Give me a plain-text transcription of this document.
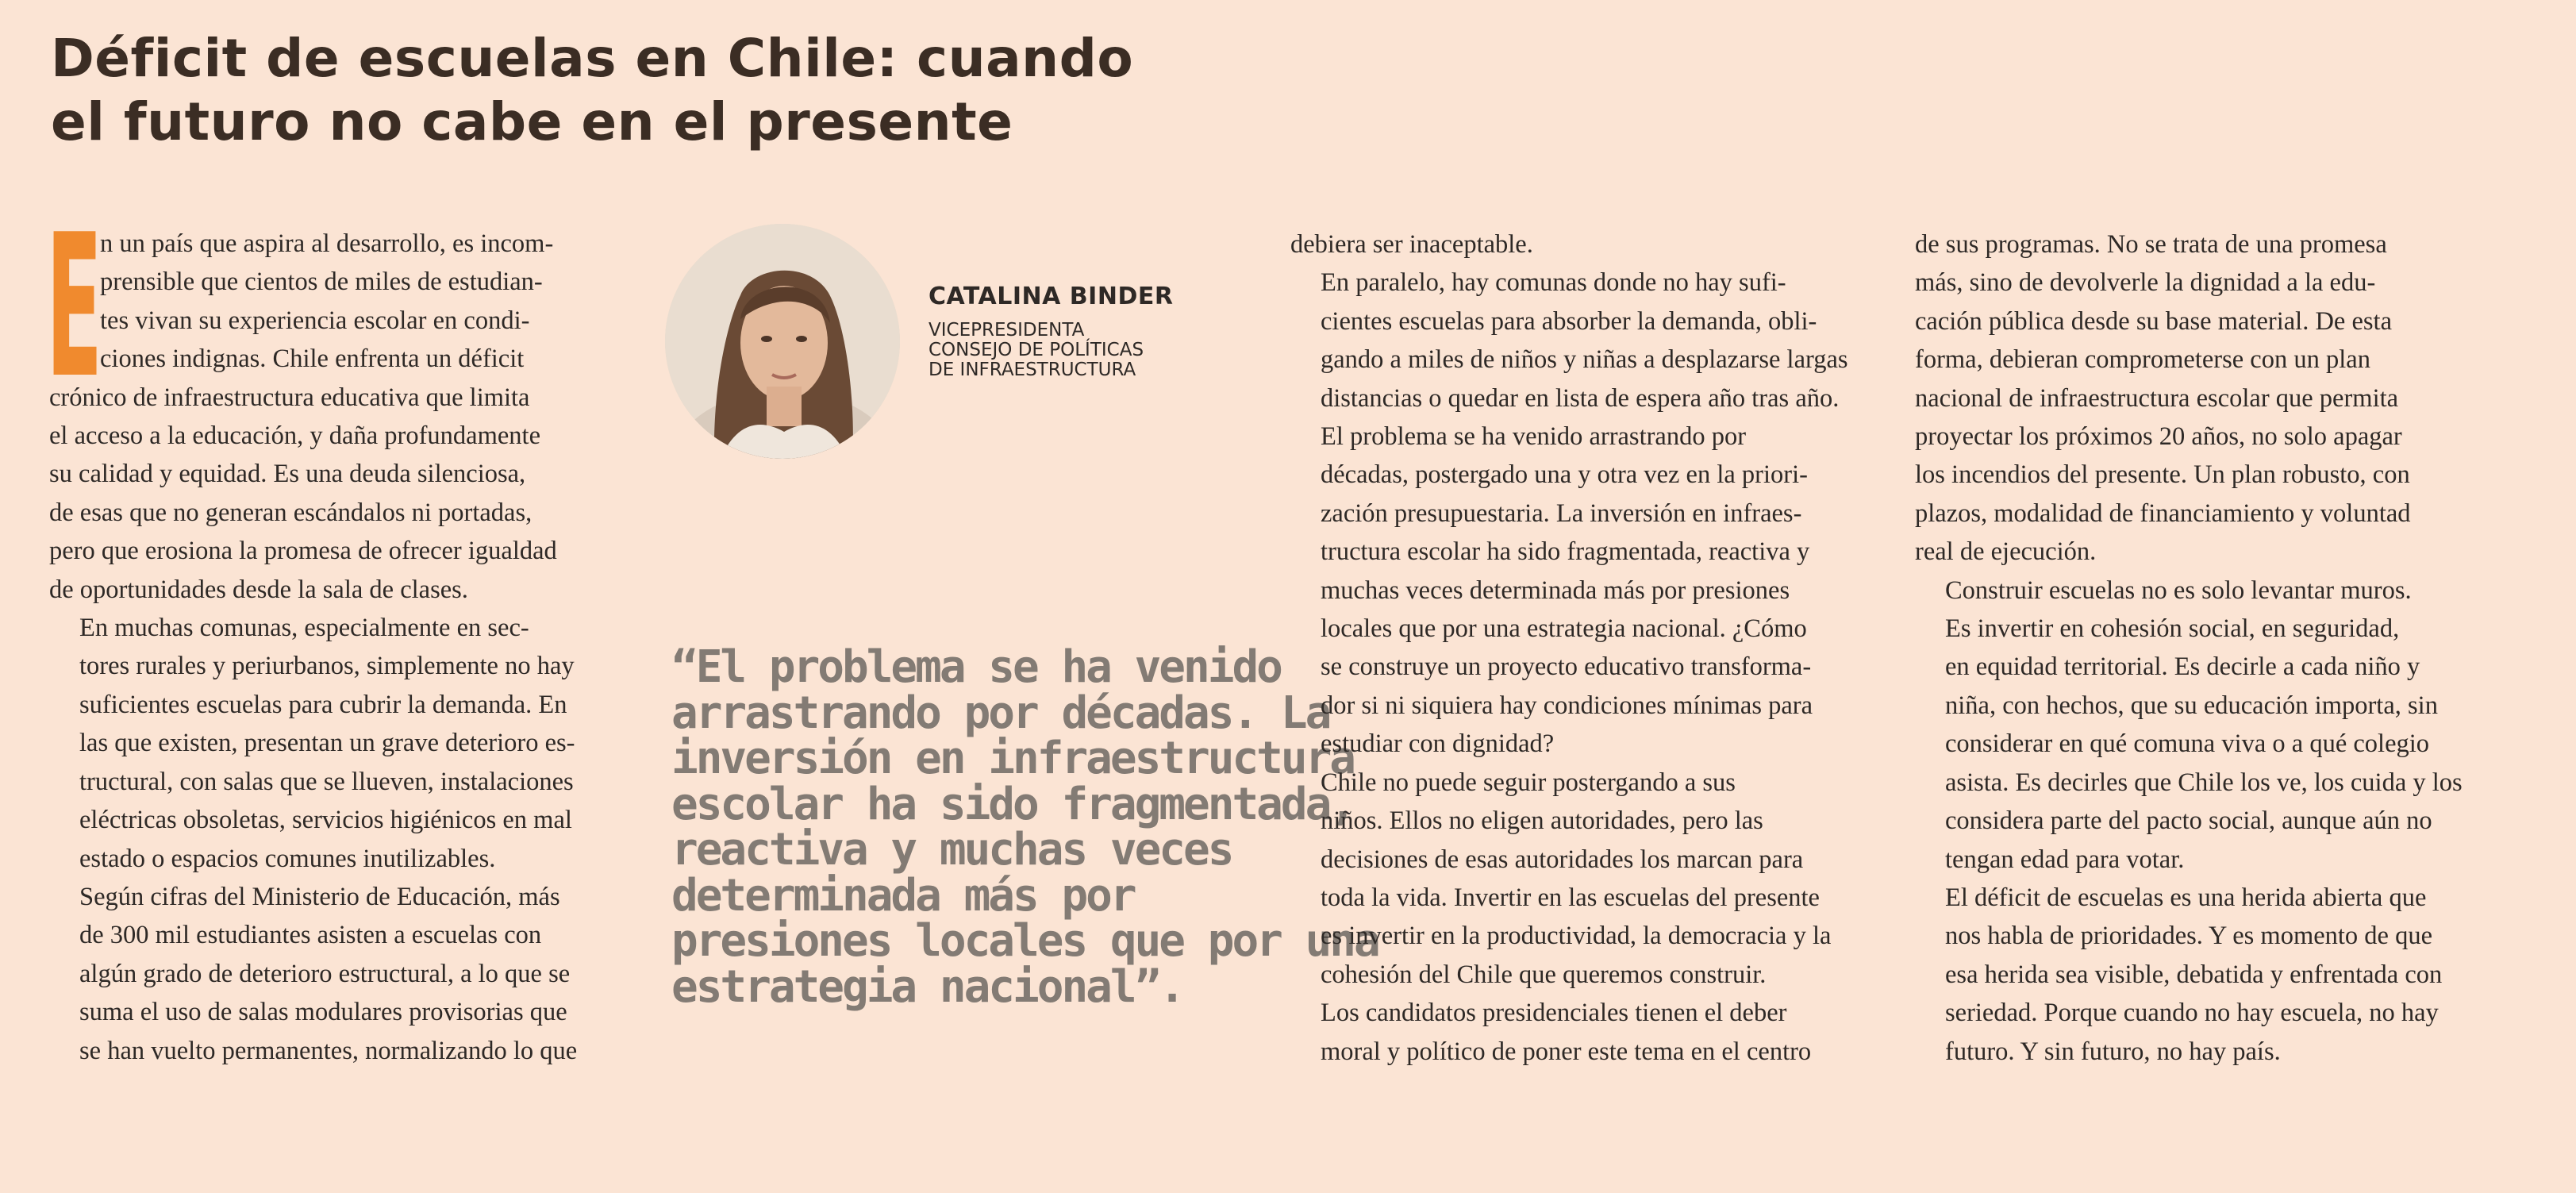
Déficit de escuelas en Chile: cuando
el futuro no cabe en el presente
E

n un país que aspira al desarrollo, es incom-
prensible que cientos de miles de estudian-
tes vivan su experiencia escolar en condi-
ciones indignas. Chile enfrenta un déficit
crónico de infraestructura educativa que limita
el acceso a la educación, y daña profundamente
su calidad y equidad. Es una deuda silenciosa,
de esas que no generan escándalos ni portadas,
pero que erosiona la promesa de ofrecer igualdad
de oportunidades desde la sala de clases.

En muchas comunas, especialmente en sec-
tores rurales y periurbanos, simplemente no hay
suficientes escuelas para cubrir la demanda. En
las que existen, presentan un grave deterioro es-
tructural, con salas que se llueven, instalaciones
eléctricas obsoletas, servicios higiénicos en mal
estado o espacios comunes inutilizables.

Según cifras del Ministerio de Educación, más
de 300 mil estudiantes asisten a escuelas con
algún grado de deterioro estructural, a lo que se
suma el uso de salas modulares provisorias que
se han vuelto permanentes, normalizando lo que

CATALINA BINDER

VICEPRESIDENTA
CONSEJO DE POLÍTICAS
DE INFRAESTRUCTURA
“El problema se ha venido
arrastrando por décadas. La
inversión en infraestructura
escolar ha sido fragmentada,
reactiva y muchas veces
determinada más por
presiones locales que por una
estrategia nacional”.

debiera ser inaceptable.

En paralelo, hay comunas donde no hay sufi-
cientes escuelas para absorber la demanda, obli-
gando a miles de niños y niñas a desplazarse largas
distancias o quedar en lista de espera año tras año.

El problema se ha venido arrastrando por
décadas, postergado una y otra vez en la priori-
zación presupuestaria. La inversión en infraes-
tructura escolar ha sido fragmentada, reactiva y
muchas veces determinada más por presiones
locales que por una estrategia nacional. ¿Cómo
se construye un proyecto educativo transforma-
dor si ni siquiera hay condiciones mínimas para
estudiar con dignidad?

Chile no puede seguir postergando a sus
niños. Ellos no eligen autoridades, pero las
decisiones de esas autoridades los marcan para
toda la vida. Invertir en las escuelas del presente
es invertir en la productividad, la democracia y la
cohesión del Chile que queremos construir.

Los candidatos presidenciales tienen el deber
moral y político de poner este tema en el centro

de sus programas. No se trata de una promesa
más, sino de devolverle la dignidad a la edu-
cación pública desde su base material. De esta
forma, debieran comprometerse con un plan
nacional de infraestructura escolar que permita
proyectar los próximos 20 años, no solo apagar
los incendios del presente. Un plan robusto, con
plazos, modalidad de financiamiento y voluntad
real de ejecución.

Construir escuelas no es solo levantar muros.
Es invertir en cohesión social, en seguridad,
en equidad territorial. Es decirle a cada niño y
niña, con hechos, que su educación importa, sin
considerar en qué comuna viva o a qué colegio
asista. Es decirles que Chile los ve, los cuida y los
considera parte del pacto social, aunque aún no
tengan edad para votar.

El déficit de escuelas es una herida abierta que
nos habla de prioridades. Y es momento de que
esa herida sea visible, debatida y enfrentada con
seriedad. Porque cuando no hay escuela, no hay
futuro. Y sin futuro, no hay país.
